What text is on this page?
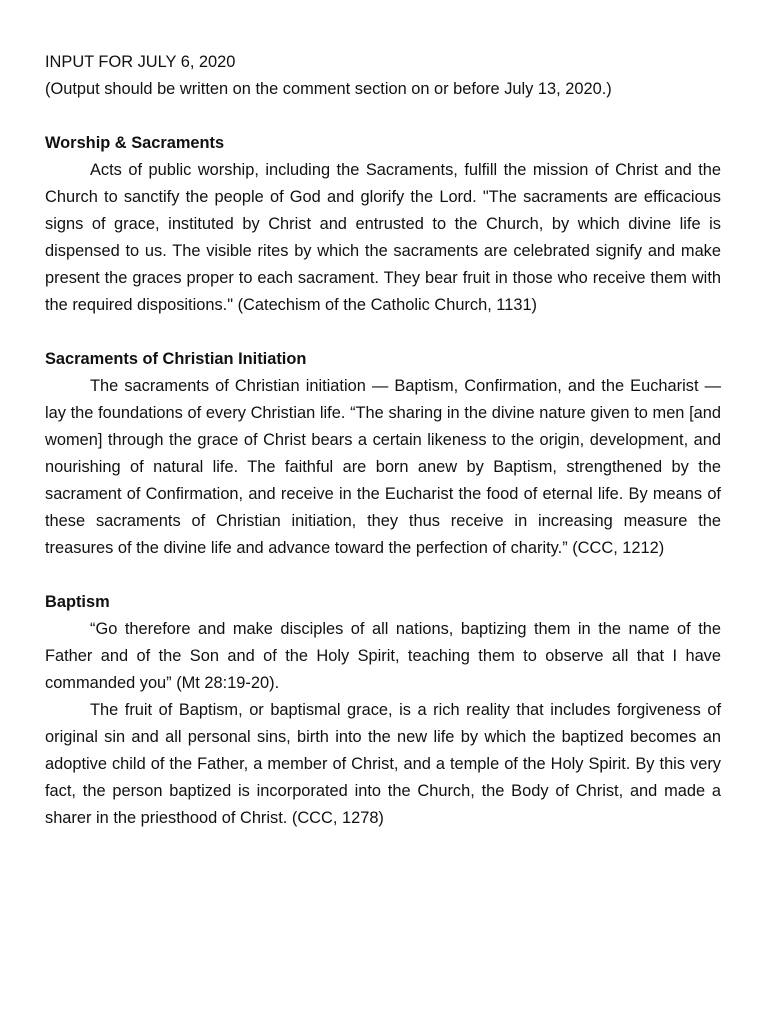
INPUT FOR JULY 6, 2020

(Output should be written on the comment section on or before July 13, 2020.)

Worship & Sacraments

Acts of public worship, including the Sacraments, fulfill the mission of Christ and the Church to sanctify the people of God and glorify the Lord. "The sacraments are efficacious signs of grace, instituted by Christ and entrusted to the Church, by which divine life is dispensed to us. The visible rites by which the sacraments are celebrated signify and make present the graces proper to each sacrament. They bear fruit in those who receive them with the required dispositions." (Catechism of the Catholic Church, 1131)

Sacraments of Christian Initiation

The sacraments of Christian initiation — Baptism, Confirmation, and the Eucharist — lay the foundations of every Christian life. “The sharing in the divine nature given to men [and women] through the grace of Christ bears a certain likeness to the origin, development, and nourishing of natural life. The faithful are born anew by Baptism, strengthened by the sacrament of Confirmation, and receive in the Eucharist the food of eternal life. By means of these sacraments of Christian initiation, they thus receive in increasing measure the treasures of the divine life and advance toward the perfection of charity.” (CCC, 1212)

Baptism

“Go therefore and make disciples of all nations, baptizing them in the name of the Father and of the Son and of the Holy Spirit, teaching them to observe all that I have commanded you” (Mt 28:19-20).

The fruit of Baptism, or baptismal grace, is a rich reality that includes forgiveness of original sin and all personal sins, birth into the new life by which the baptized becomes an adoptive child of the Father, a member of Christ, and a temple of the Holy Spirit. By this very fact, the person baptized is incorporated into the Church, the Body of Christ, and made a sharer in the priesthood of Christ. (CCC, 1278)
